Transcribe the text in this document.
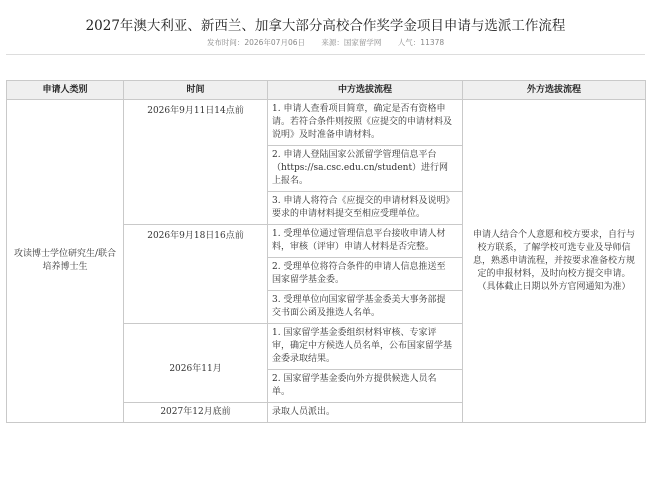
2027年澳大利亚、新西兰、加拿大部分高校合作奖学金项目申请与选派工作流程
发布时间：2026年07月06日 来源：国家留学网 人气：11378
申请人类别	时间	中方选拔流程	外方选拔流程
攻读博士学位研究生/联合培养博士生	2026年9月11日14点前	1. 申请人查看项目简章，确定是否有资格申请。若符合条件则按照《应提交的申请材料及说明》及时准备申请材料。	申请人结合个人意愿和校方要求，自行与校方联系，了解学校可选专业及导师信息，熟悉申请流程，并按要求准备校方规定的申报材料，及时向校方提交申请。（具体截止日期以外方官网通知为准）
		2. 申请人登陆国家公派留学管理信息平台（https://sa.csc.edu.cn/student）进行网上报名。	
		3. 申请人将符合《应提交的申请材料及说明》要求的申请材料提交至相应受理单位。	
	2026年9月18日16点前	1. 受理单位通过管理信息平台接收申请人材料，审核（评审）申请人材料是否完整。	
		2. 受理单位将符合条件的申请人信息推送至国家留学基金委。	
		3. 受理单位向国家留学基金委美大事务部提交书面公函及推选人名单。	
	2026年11月	1. 国家留学基金委组织材料审核、专家评审，确定中方候选人员名单，公布国家留学基金委录取结果。	
		2. 国家留学基金委向外方提供候选人员名单。	
	2027年12月底前	录取人员派出。	
